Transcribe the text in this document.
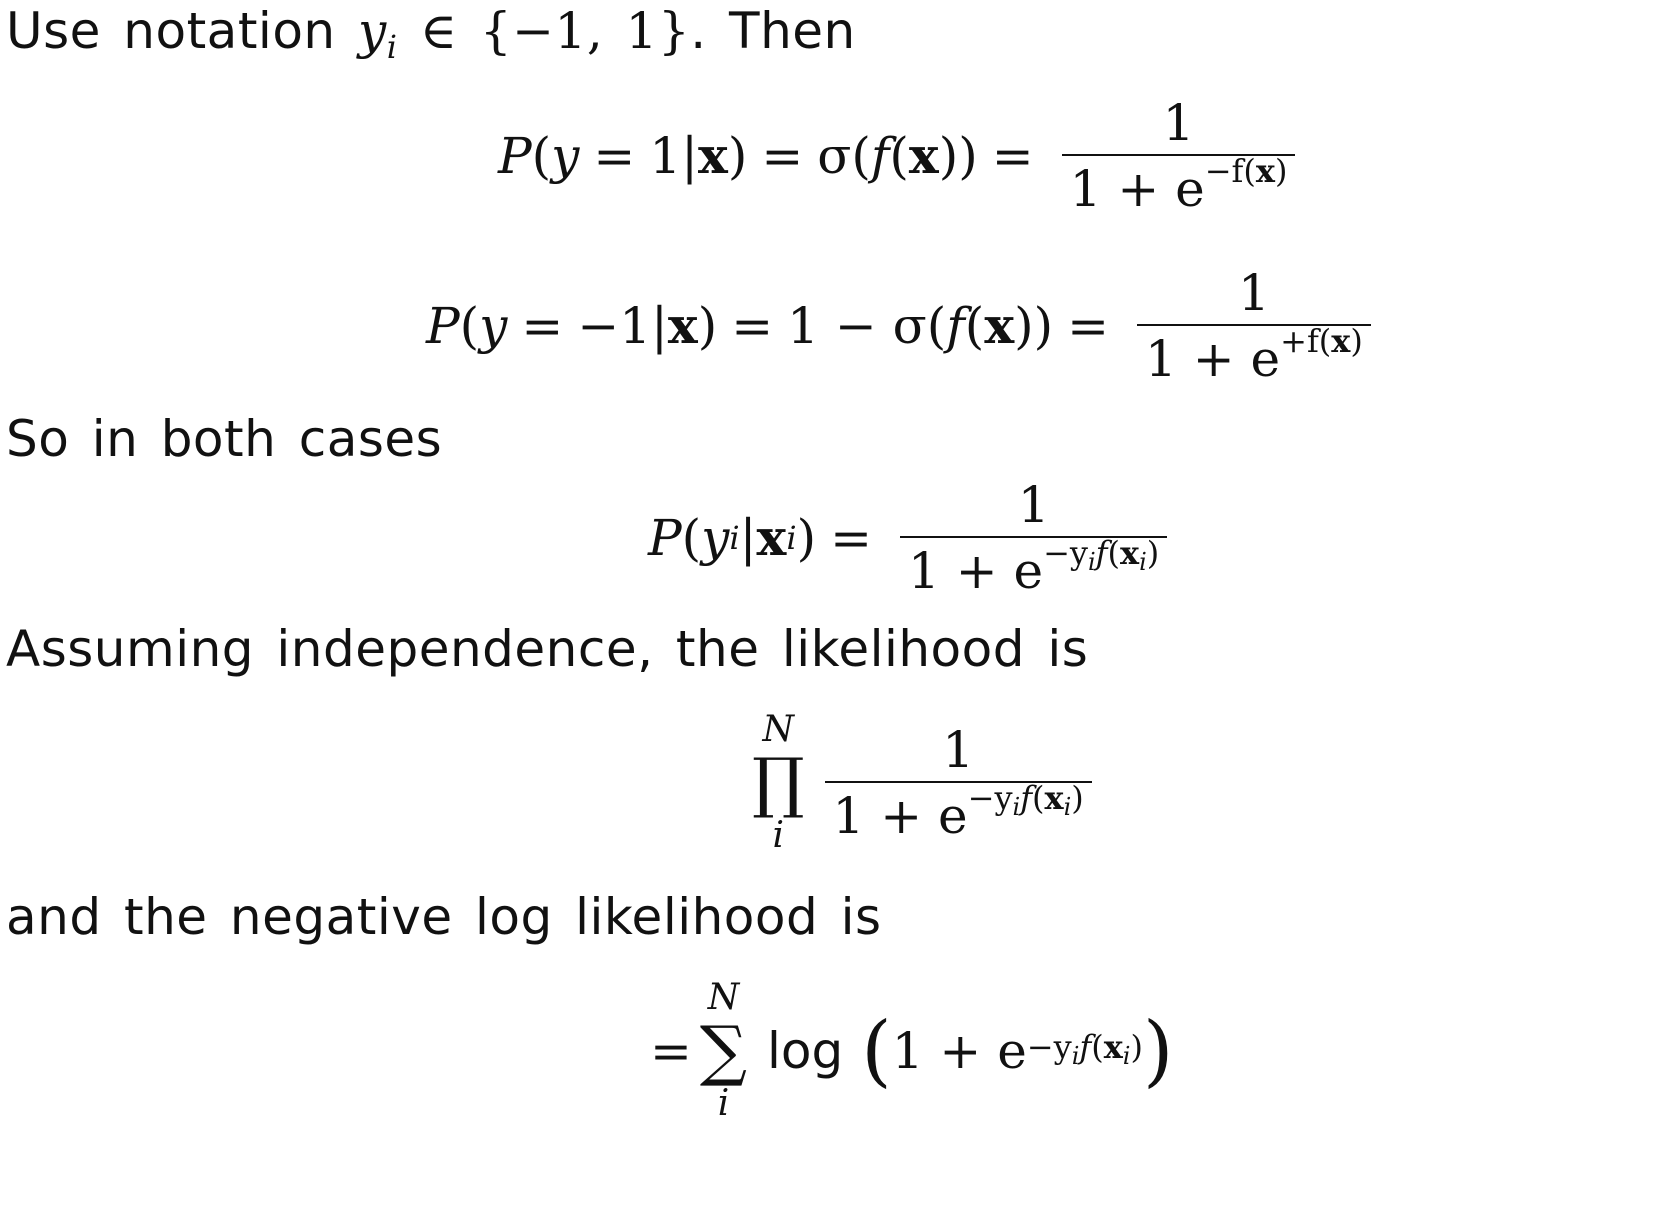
Use notation $y_i$ ∈ {−1, 1}. Then

P ( y = 1 | x ) = σ( f ( x )) = $\frac{1}{1 + e^{-f(x)}}$
P ( y = −1 | x ) = 1 − σ( f ( x )) = $\frac{1}{1 + e^{+f(x)}}$

So in both cases

P ( y i | x i ) = $\frac{1}{1 + e^{-y_if(x_i)}}$

Assuming independence, the likelihood is

N
∏
i $\frac{1}{1 + e^{-y_if(x_i)}}$

and the negative log likelihood is

=
N
∑
i
log ( $1 + e -y_if(x_i)$ )
